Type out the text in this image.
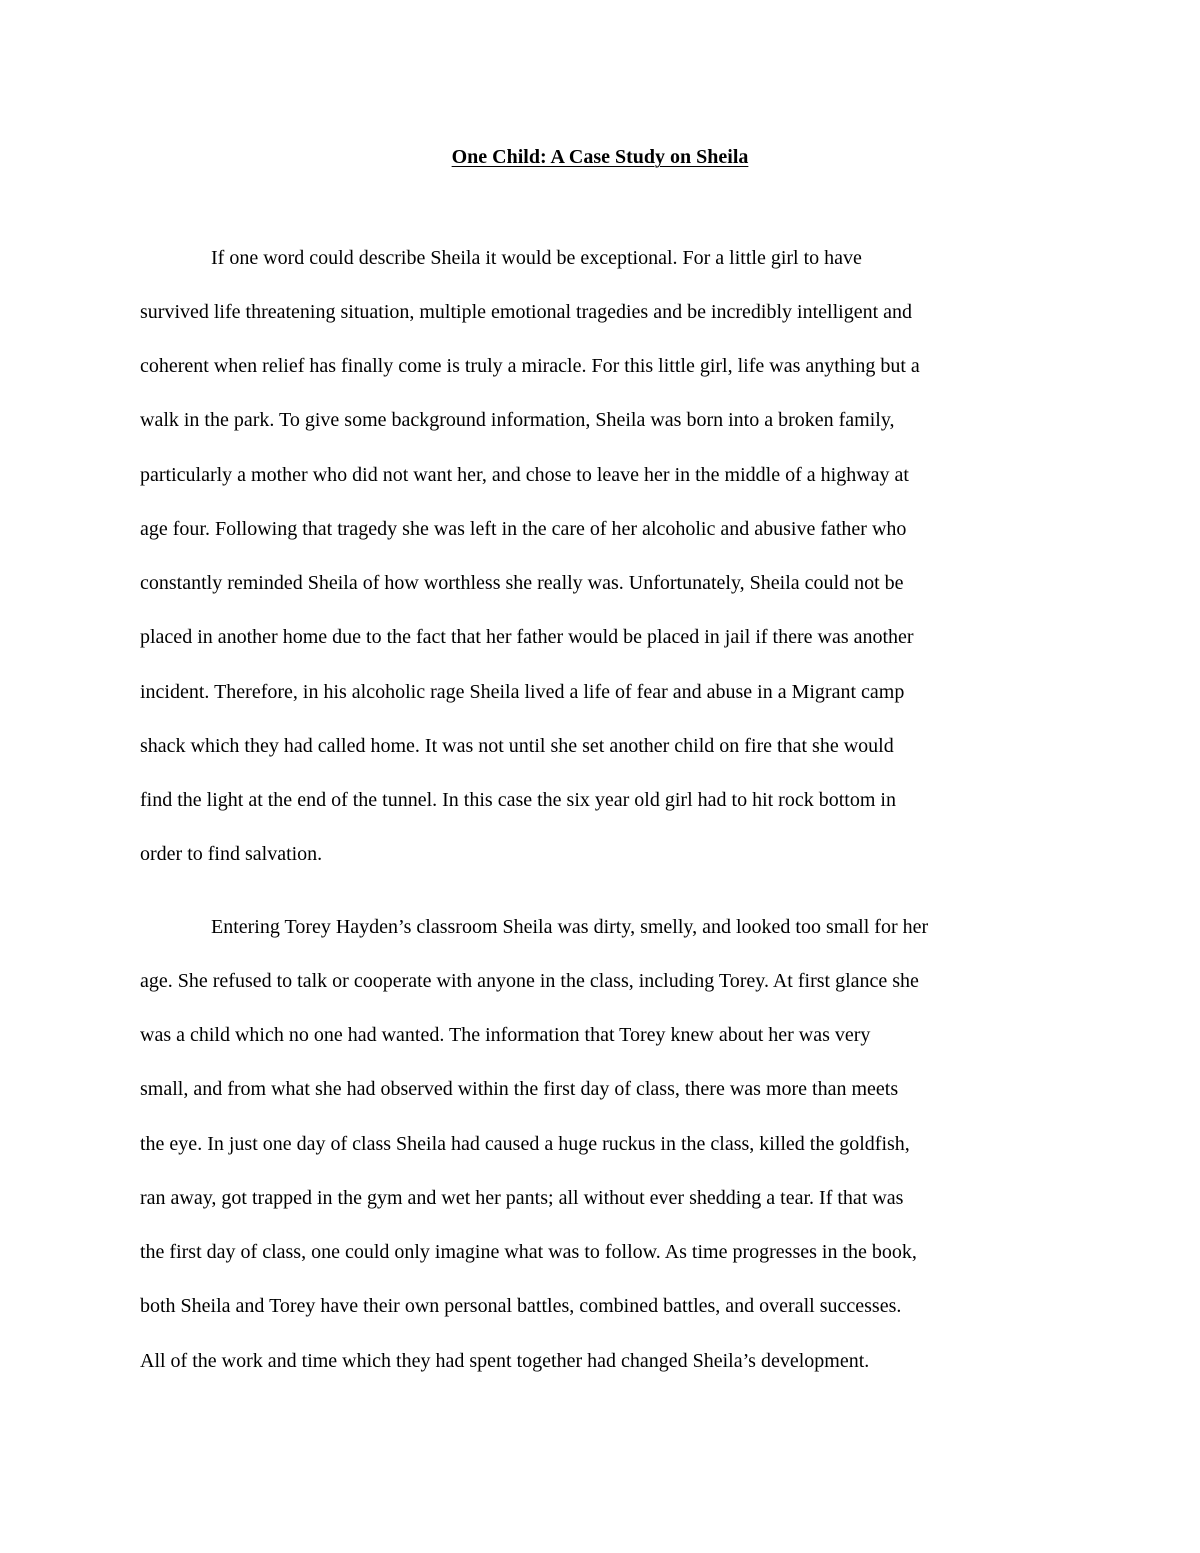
One Child: A Case Study on Sheila

If one word could describe Sheila it would be exceptional. For a little girl to have

survived life threatening situation, multiple emotional tragedies and be incredibly intelligent and

coherent when relief has finally come is truly a miracle. For this little girl, life was anything but a

walk in the park. To give some background information, Sheila was born into a broken family,

particularly a mother who did not want her, and chose to leave her in the middle of a highway at

age four. Following that tragedy she was left in the care of her alcoholic and abusive father who

constantly reminded Sheila of how worthless she really was. Unfortunately, Sheila could not be

placed in another home due to the fact that her father would be placed in jail if there was another

incident. Therefore, in his alcoholic rage Sheila lived a life of fear and abuse in a Migrant camp

shack which they had called home. It was not until she set another child on fire that she would

find the light at the end of the tunnel. In this case the six year old girl had to hit rock bottom in

order to find salvation.

Entering Torey Hayden’s classroom Sheila was dirty, smelly, and looked too small for her

age. She refused to talk or cooperate with anyone in the class, including Torey. At first glance she

was a child which no one had wanted. The information that Torey knew about her was very

small, and from what she had observed within the first day of class, there was more than meets

the eye. In just one day of class Sheila had caused a huge ruckus in the class, killed the goldfish,

ran away, got trapped in the gym and wet her pants; all without ever shedding a tear. If that was

the first day of class, one could only imagine what was to follow. As time progresses in the book,

both Sheila and Torey have their own personal battles, combined battles, and overall successes.

All of the work and time which they had spent together had changed Sheila’s development.
